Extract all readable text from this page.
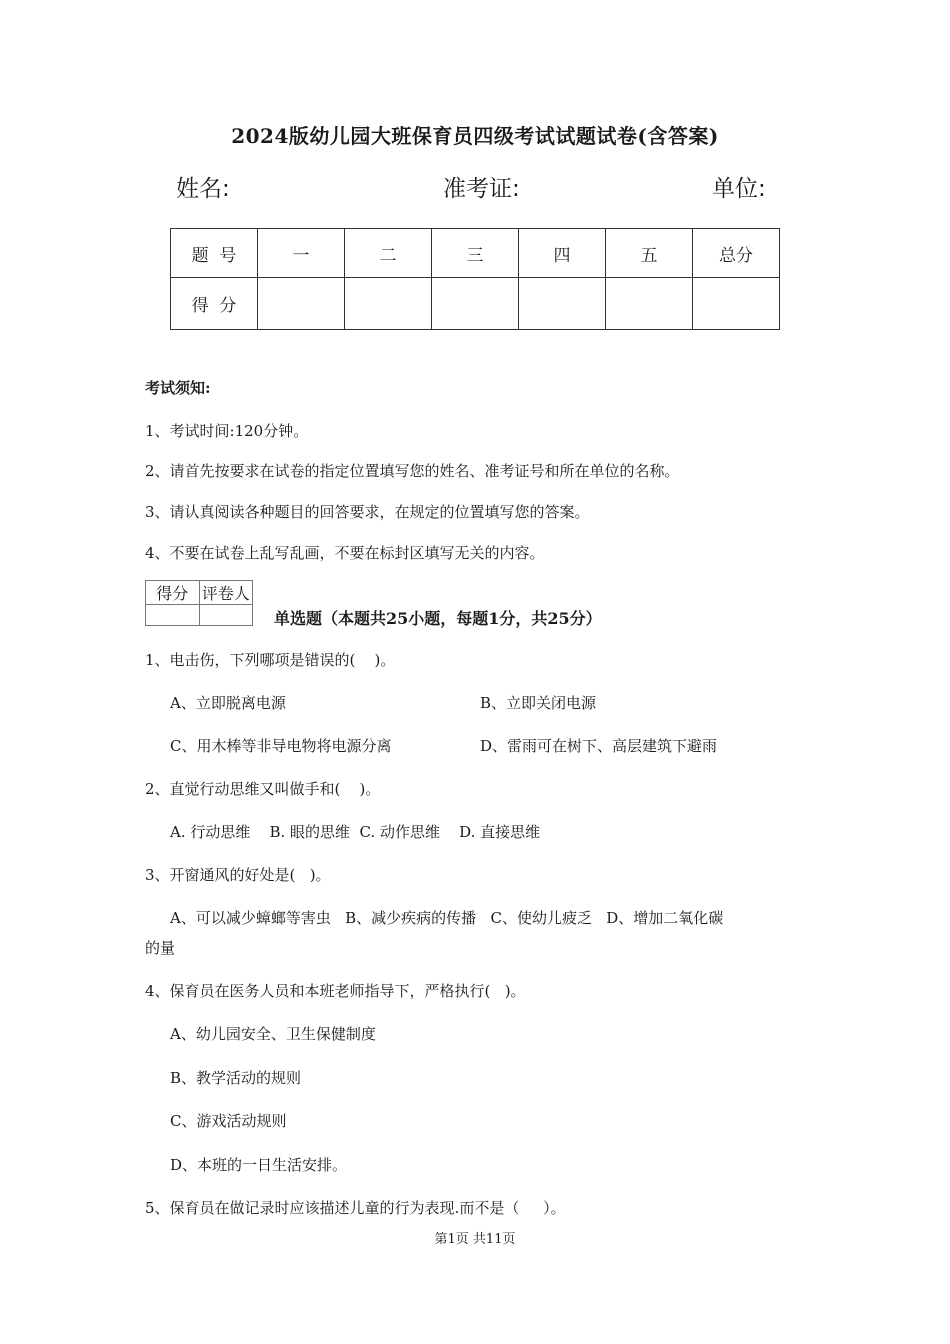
2024版幼儿园大班保育员四级考试试题试卷(含答案)
姓名:	准考证:	单位:
题  号	一	二	三	四	五	总分
得  分						
考试须知:
1、考试时间:120分钟。
2、请首先按要求在试卷的指定位置填写您的姓名、准考证号和所在单位的名称。
3、请认真阅读各种题目的回答要求，在规定的位置填写您的答案。
4、不要在试卷上乱写乱画，不要在标封区填写无关的内容。
得分	评卷人

单选题（本题共25小题，每题1分，共25分）
1、电击伤，下列哪项是错误的(    )。
A、立即脱离电源	B、立即关闭电源
C、用木棒等非导电物将电源分离	D、雷雨可在树下、高层建筑下避雨
2、直觉行动思维又叫做手和(    )。
A. 行动思维    B. 眼的思维  C. 动作思维    D. 直接思维
3、开窗通风的好处是(   )。
A、可以减少蟑螂等害虫   B、减少疾病的传播   C、使幼儿疲乏   D、增加二氧化碳
的量
4、保育员在医务人员和本班老师指导下，严格执行(   )。
A、幼儿园安全、卫生保健制度
B、教学活动的规则
C、游戏活动规则
D、本班的一日生活安排。
5、保育员在做记录时应该描述儿童的行为表现.而不是（     ）。
第1页 共11页
